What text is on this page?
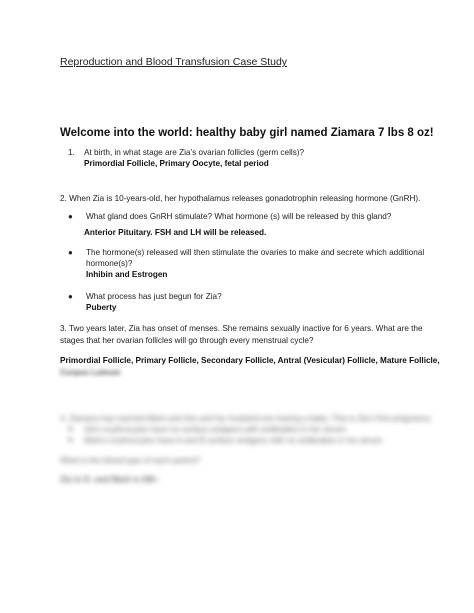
Reproduction and Blood Transfusion Case Study
Welcome into the world: healthy baby girl named Ziamara 7 lbs 8 oz!
1. At birth, in what stage are Zia’s ovarian follicles (germ cells)?
Primordial Follicle, Primary Oocyte, fetal period
2. When Zia is 10-years-old, her hypothalamus releases gonadotrophin releasing hormone (GnRH).
● What gland does GnRH stimulate? What hormone (s) will be released by this gland?
Anterior Pituitary. FSH and LH will be released.
● The hormone(s) released will then stimulate the ovaries to make and secrete which additional
hormone(s)?
Inhibin and Estrogen
● What process has just begun for Zia?
Puberty
3. Two years later, Zia has onset of menses. She remains sexually inactive for 6 years. What are the
stages that her ovarian follicles will go through every menstrual cycle?
Primordial Follicle, Primary Follicle, Secondary Follicle, Antral (Vesicular) Follicle, Mature Follicle,
Corpus Luteum
4. Ziamara has married Mark and she and her husband are having a baby. This is Zia’s first pregnancy.
● Zia’s erythrocytes have no surface antigens with antibodies in her serum
● Mark’s erythrocytes have A and B surface antigens with no antibodies in his serum
What is the blood type of each parent?
Zia is O- and Mark is AB+
